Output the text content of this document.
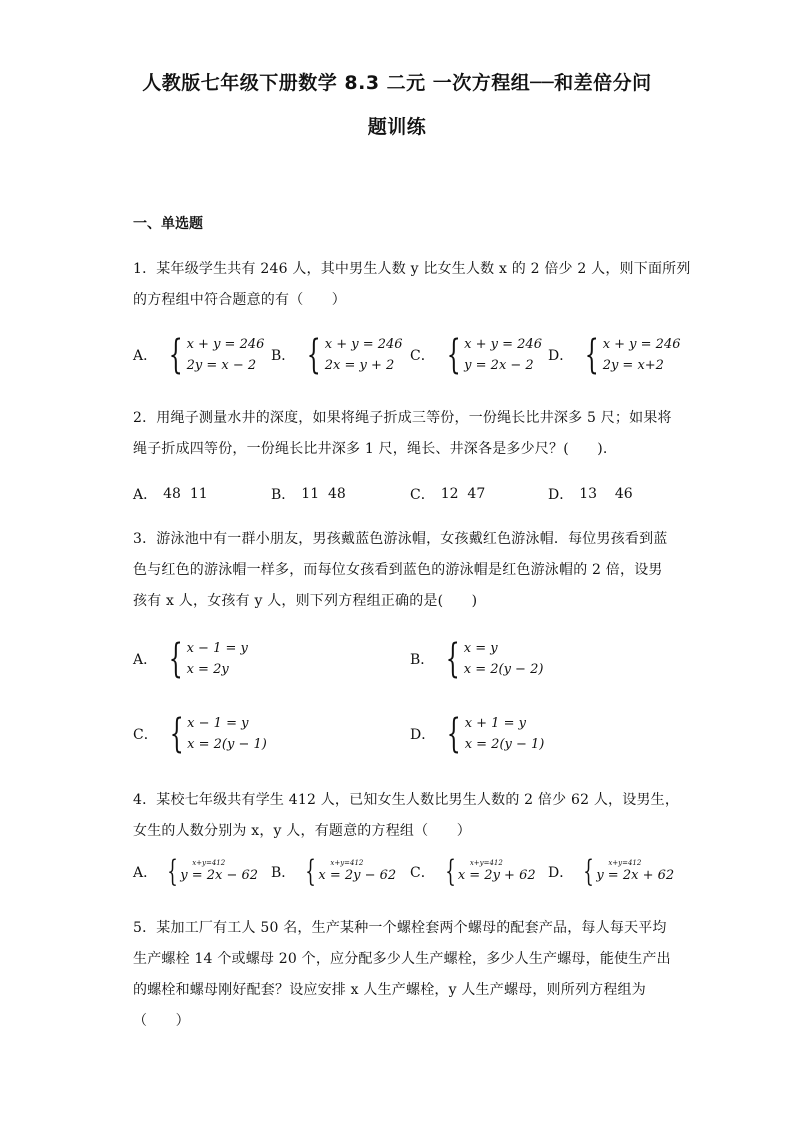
人教版七年级下册数学 8.3 二元 一次方程组──和差倍分问
题训练
一、单选题
1．某年级学生共有 246 人，其中男生人数 y 比女生人数 x 的 2 倍少 2 人，则下面所列
的方程组中符合题意的有（　　）
A． { x + y = 246
2y = x − 2
B． { x + y = 246
2x = y + 2
C． { x + y = 246
y = 2x − 2
D． { x + y = 246
2y = x+2
2．用绳子测量水井的深度，如果将绳子折成三等份，一份绳长比井深多 5 尺；如果将
绳子折成四等份，一份绳长比井深多 1 尺，绳长、井深各是多少尺？(　　).
A． 48  11	B． 11  48	C． 12  47	D． 13    46
3．游泳池中有一群小朋友，男孩戴蓝色游泳帽，女孩戴红色游泳帽．每位男孩看到蓝
色与红色的游泳帽一样多，而每位女孩看到蓝色的游泳帽是红色游泳帽的 2 倍，设男
孩有 x 人，女孩有 y 人，则下列方程组正确的是(　　)
A． { x − 1 = y
x = 2y
B． { x = y
x = 2(y − 2)
C． { x − 1 = y
x = 2(y − 1)
D． { x + 1 = y
x = 2(y − 1)
4．某校七年级共有学生 412 人，已知女生人数比男生人数的 2 倍少 62 人，设男生，
女生的人数分别为 x，y 人，有题意的方程组（　　）
A． {	x+y=412
y = 2x − 62 B． {	x+y=412
x = 2y − 62 C． {	x+y=412
x = 2y + 62 D． {	x+y=412
y = 2x + 62
5．某加工厂有工人 50 名，生产某种一个螺栓套两个螺母的配套产品，每人每天平均
生产螺栓 14 个或螺母 20 个，应分配多少人生产螺栓，多少人生产螺母，能使生产出
的螺栓和螺母刚好配套？设应安排 x 人生产螺栓，y 人生产螺母，则所列方程组为
（　　）
